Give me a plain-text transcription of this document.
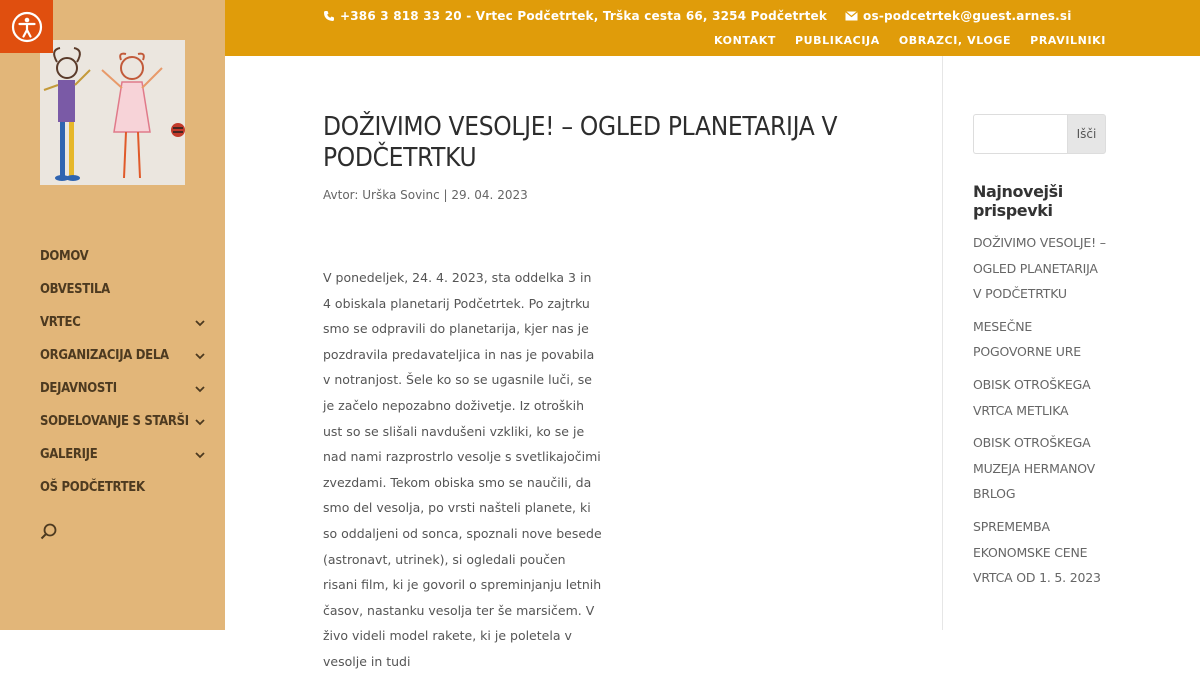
DOMOV
OBVESTILA
VRTEC
ORGANIZACIJA DELA
DEJAVNOSTI
SODELOVANJE S STARŠI
GALERIJE
OŠ PODČETRTEK
+386 3 818 33 20 - Vrtec Podčetrtek, Trška cesta 66, 3254 Podčetrtek	os-podcetrtek@guest.arnes.si
KONTAKT PUBLIKACIJA OBRAZCI, VLOGE PRAVILNIKI
DOŽIVIMO VESOLJE! – OGLED PLANETARIJA V PODČETRTKU
Avtor: Urška Sovinc | 29. 04. 2023

V ponedeljek, 24. 4. 2023, sta oddelka 3 in 4 obiskala planetarij Podčetrtek. Po zajtrku smo se odpravili do planetarija, kjer nas je pozdravila predavateljica in nas je povabila v notranjost. Šele ko so se ugasnile luči, se je začelo nepozabno doživetje. Iz otroških ust so se slišali navdušeni vzkliki, ko se je nad nami razprostrlo vesolje s svetlikajočimi zvezdami. Tekom obiska smo se naučili, da smo del vesolja, po vrsti našteli planete, ki so oddaljeni od sonca, spoznali nove besede (astronavt, utrinek), si ogledali poučen risani film, ki je govoril o spreminjanju letnih časov, nastanku vesolja ter še marsičem. V živo videli model rakete, ki je poletela v vesolje in tudi

Išči
Najnovejši prispevki
DOŽIVIMO VESOLJE! – OGLED PLANETARIJA V PODČETRTKU
MESEČNE POGOVORNE URE
OBISK OTROŠKEGA VRTCA METLIKA
OBISK OTROŠKEGA MUZEJA HERMANOV BRLOG
SPREMEMBA EKONOMSKE CENE VRTCA OD 1. 5. 2023
